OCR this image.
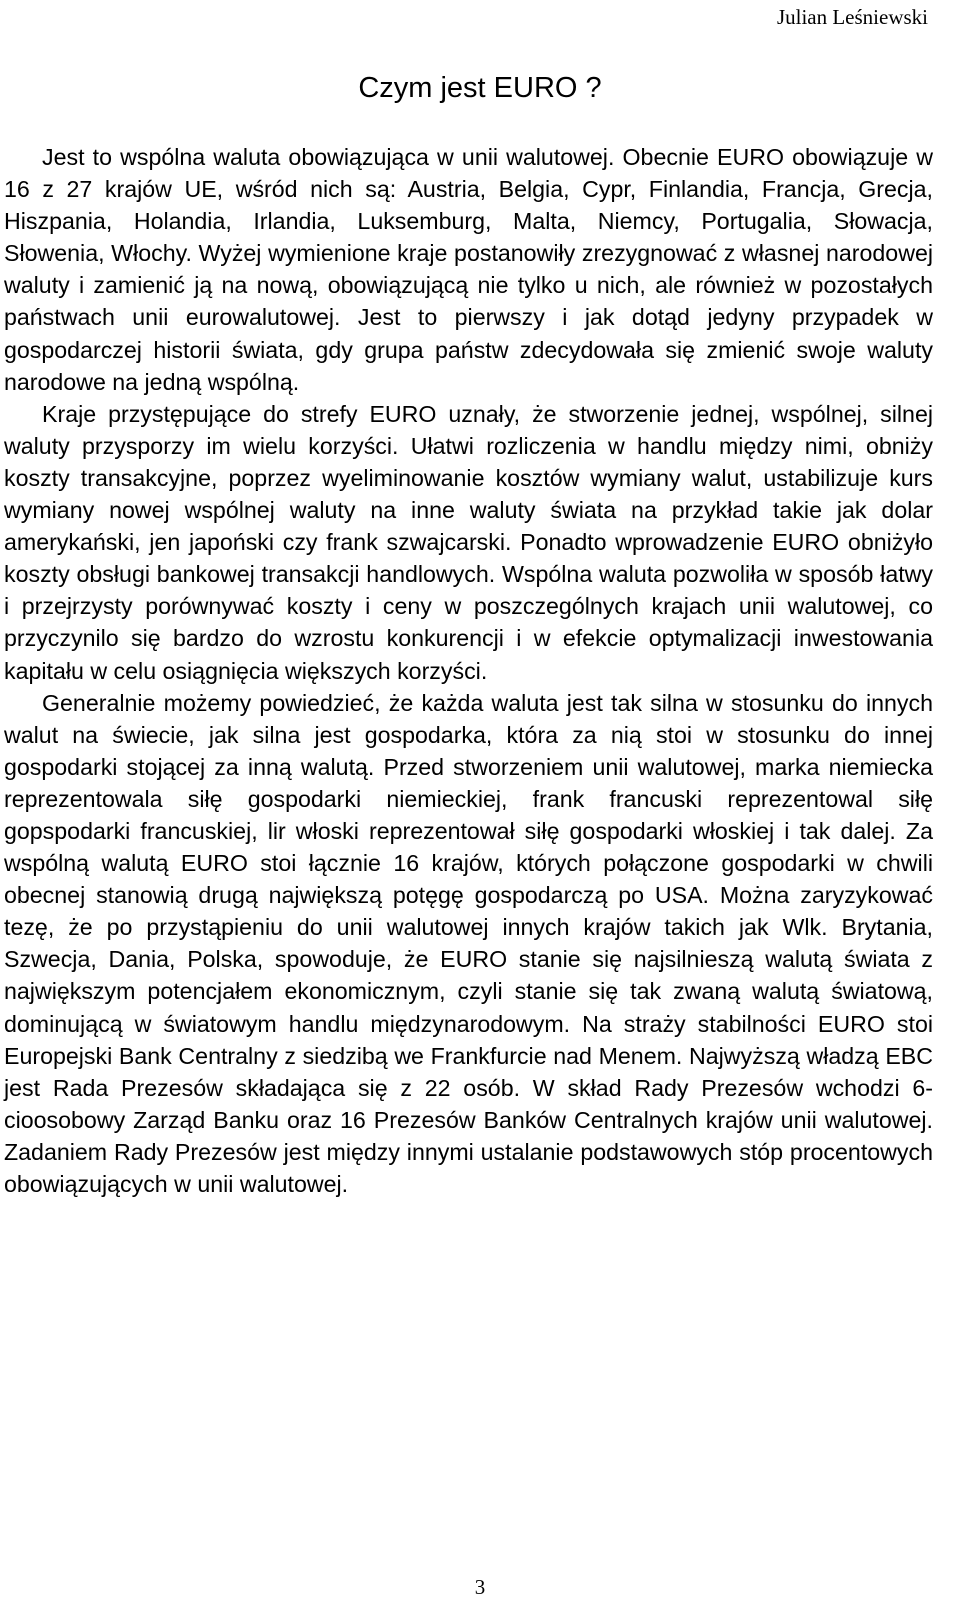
Julian Leśniewski
Czym jest EURO ?

Jest to wspólna waluta obowiązująca w unii walutowej. Obecnie EURO obowiązuje w 16 z 27 krajów UE, wśród nich są: Austria, Belgia, Cypr, Finlandia, Francja, Grecja, Hiszpania, Holandia, Irlandia, Luksemburg, Malta, Niemcy, Portugalia, Słowacja, Słowenia, Włochy. Wyżej wymienione kraje postanowiły zrezygnować z własnej narodowej waluty i zamienić ją na nową, obowiązującą nie tylko u nich, ale również w pozostałych państwach unii eurowalutowej. Jest to pierwszy i jak dotąd jedyny przypadek w gospodarczej historii świata, gdy grupa państw zdecydowała się zmienić swoje waluty narodowe na jedną wspólną.

Kraje przystępujące do strefy EURO uznały, że stworzenie jednej, wspólnej, silnej waluty przysporzy im wielu korzyści. Ułatwi rozliczenia w handlu między nimi, obniży koszty transakcyjne, poprzez wyeliminowanie kosztów wymiany walut, ustabilizuje kurs wymiany nowej wspólnej waluty na inne waluty świata na przykład takie jak dolar amerykański, jen japoński czy frank szwajcarski. Ponadto wprowadzenie EURO obniżyło koszty obsługi bankowej transakcji handlowych. Wspólna waluta pozwoliła w sposób łatwy i przejrzysty porównywać koszty i ceny w poszczególnych krajach unii walutowej, co przyczynilo się bardzo do wzrostu konkurencji i w efekcie optymalizacji inwestowania kapitału w celu osiągnięcia większych korzyści.

Generalnie możemy powiedzieć, że każda waluta jest tak silna w stosunku do innych walut na świecie, jak silna jest gospodarka, która za nią stoi w stosunku do innej gospodarki stojącej za inną walutą. Przed stworzeniem unii walutowej, marka niemiecka reprezentowala siłę gospodarki niemieckiej, frank francuski reprezentowal siłę gopspodarki francuskiej, lir włoski reprezentował siłę gospodarki włoskiej i tak dalej. Za wspólną walutą EURO stoi łącznie 16 krajów, których połączone gospodarki w chwili obecnej stanowią drugą największą potęgę gospodarczą po USA. Można zaryzykować tezę, że po przystąpieniu do unii walutowej innych krajów takich jak Wlk. Brytania, Szwecja, Dania, Polska, spowoduje, że EURO stanie się najsilnieszą walutą świata z największym potencjałem ekonomicznym, czyli stanie się tak zwaną walutą światową, dominującą w światowym handlu międzynarodowym. Na straży stabilności EURO stoi Europejski Bank Centralny z siedzibą we Frankfurcie nad Menem. Najwyższą władzą EBC jest Rada Prezesów składająca się z 22 osób. W skład Rady Prezesów wchodzi 6-cioosobowy Zarząd Banku oraz 16 Prezesów Banków Centralnych krajów unii walutowej. Zadaniem Rady Prezesów jest między innymi ustalanie podstawowych stóp procentowych obowiązujących w unii walutowej.

3
